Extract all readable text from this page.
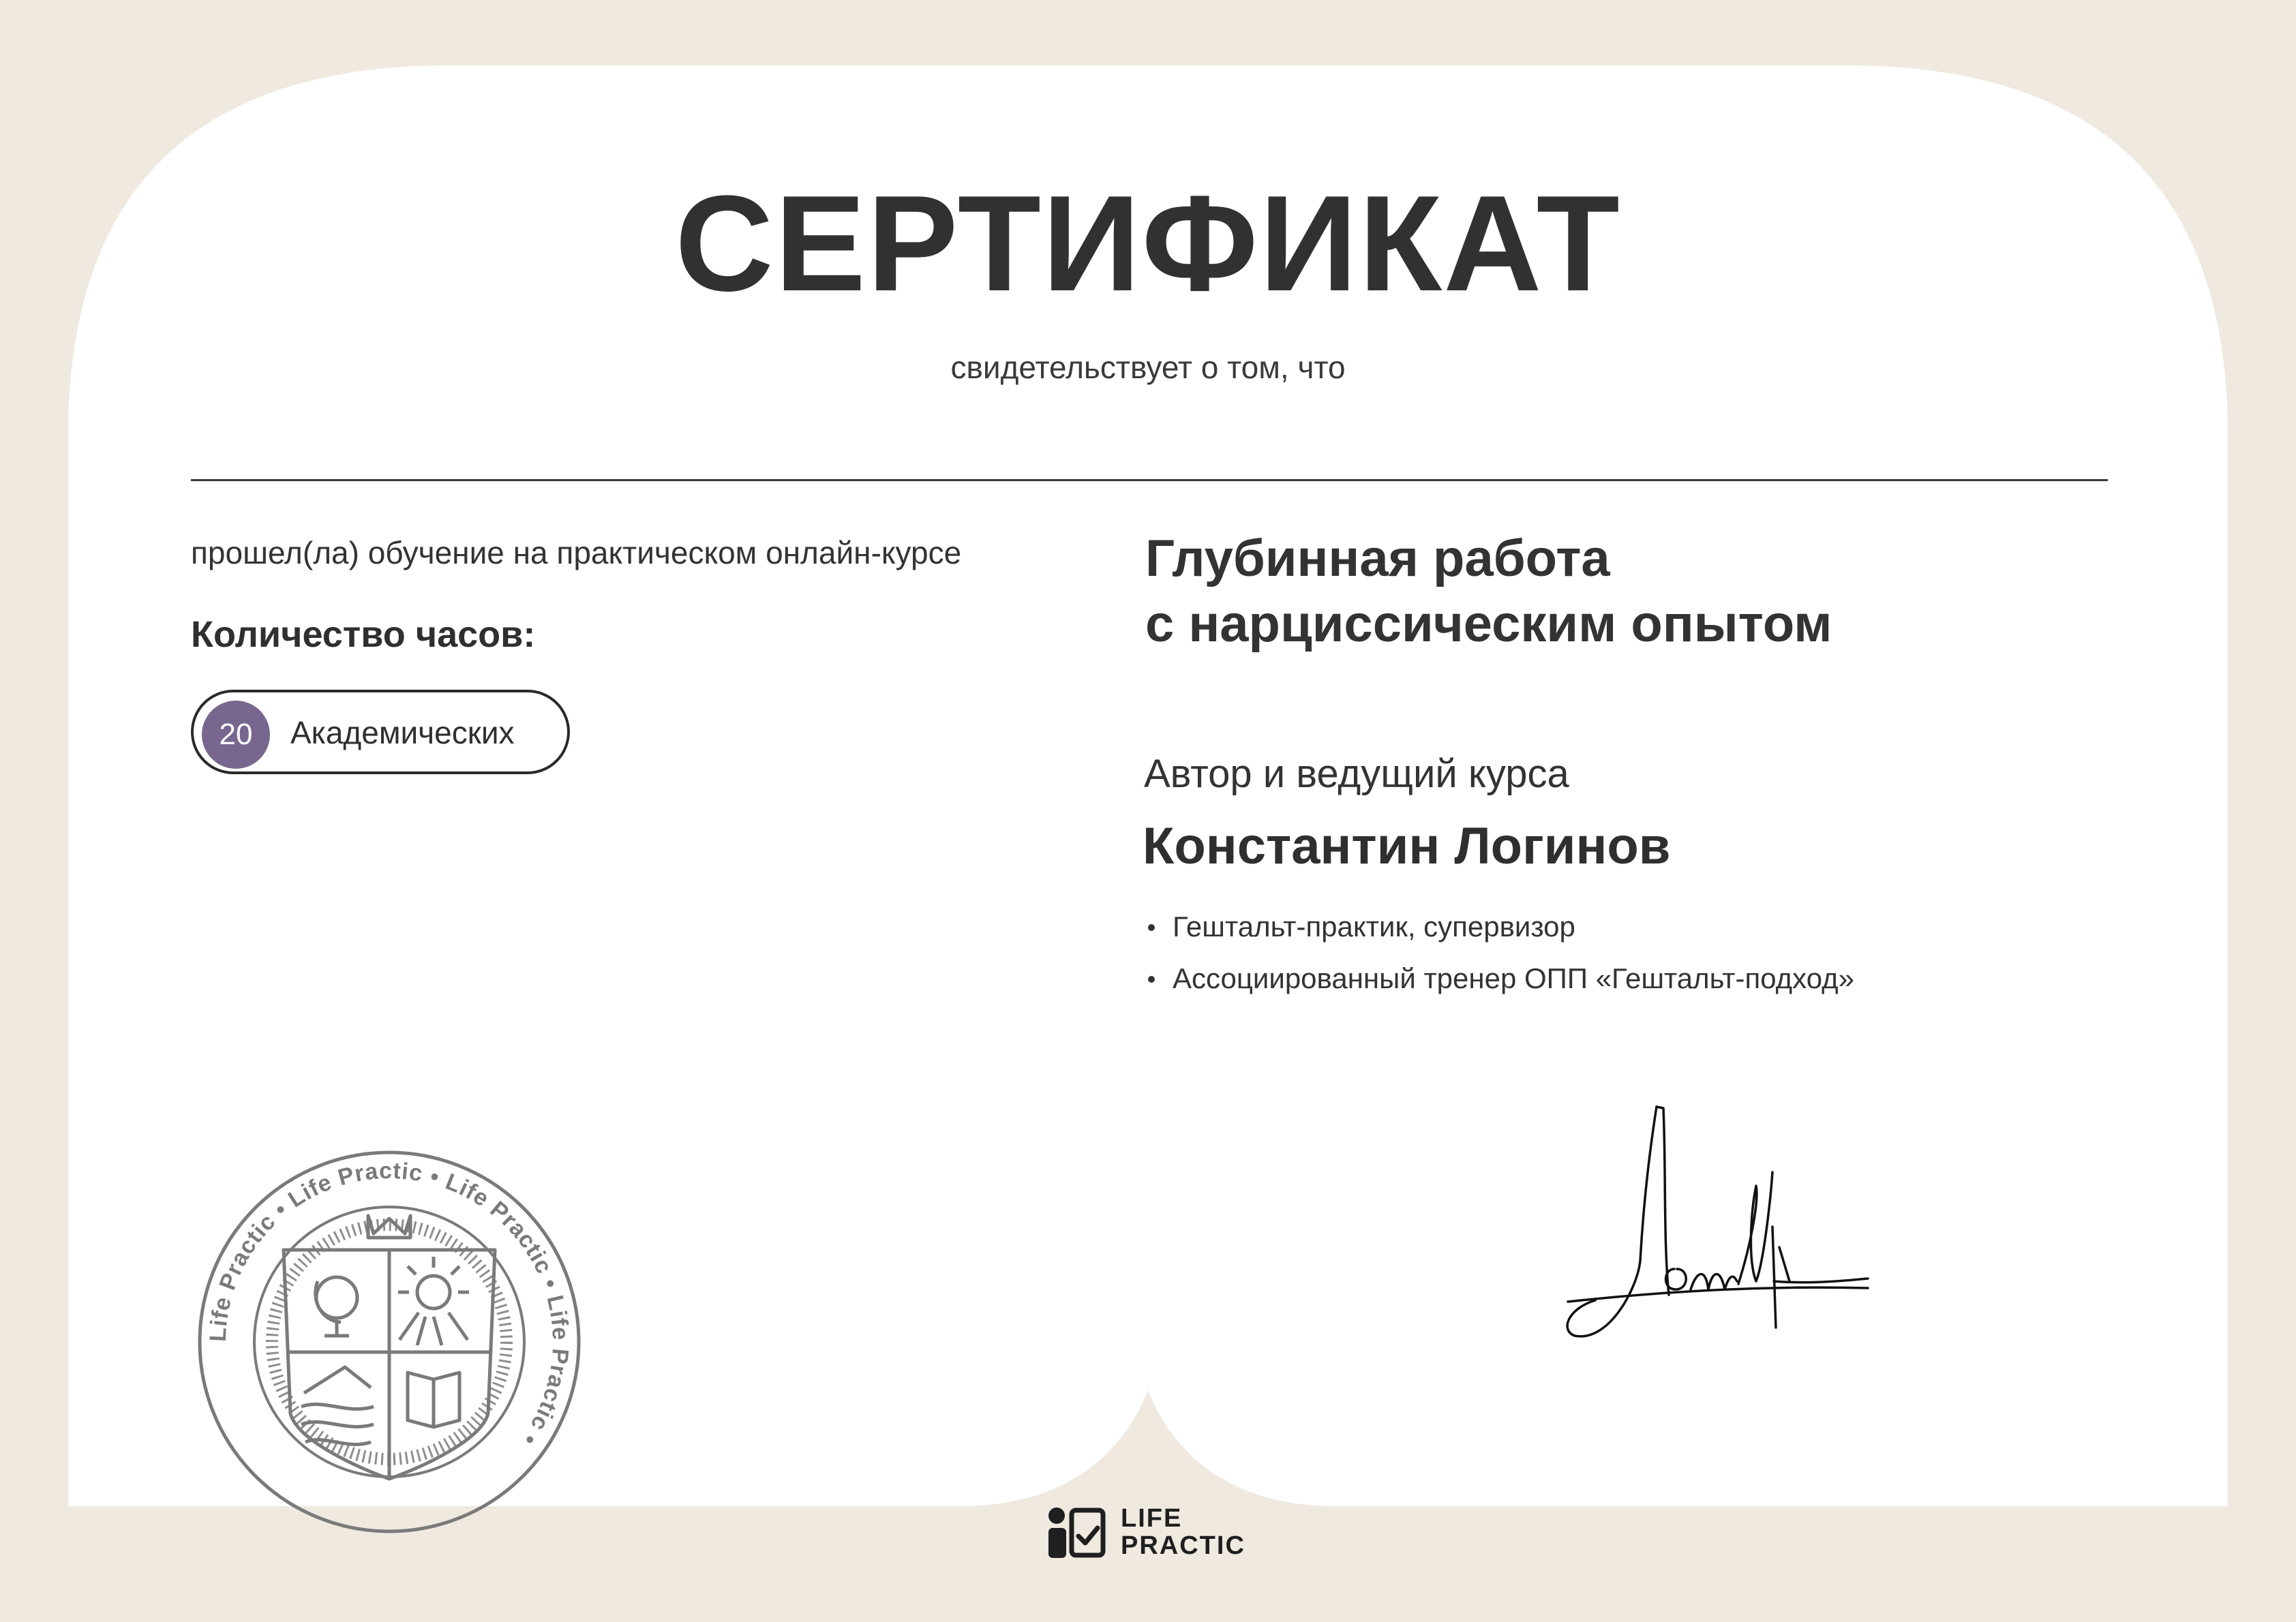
СЕРТИФИКАТ
свидетельствует о том, что
прошел(ла) обучение на практическом онлайн-курсе
Количество часов:
20	Академических
Глубинная работа
с нарциссическим опытом
Автор и ведущий курса
Константин Логинов
Гештальт-практик, супервизор
Ассоциированный тренер ОПП «Гештальт-подход»
Life Practic • Life Practic • Life Practic • Life Practic •
LIFE
PRACTIC
